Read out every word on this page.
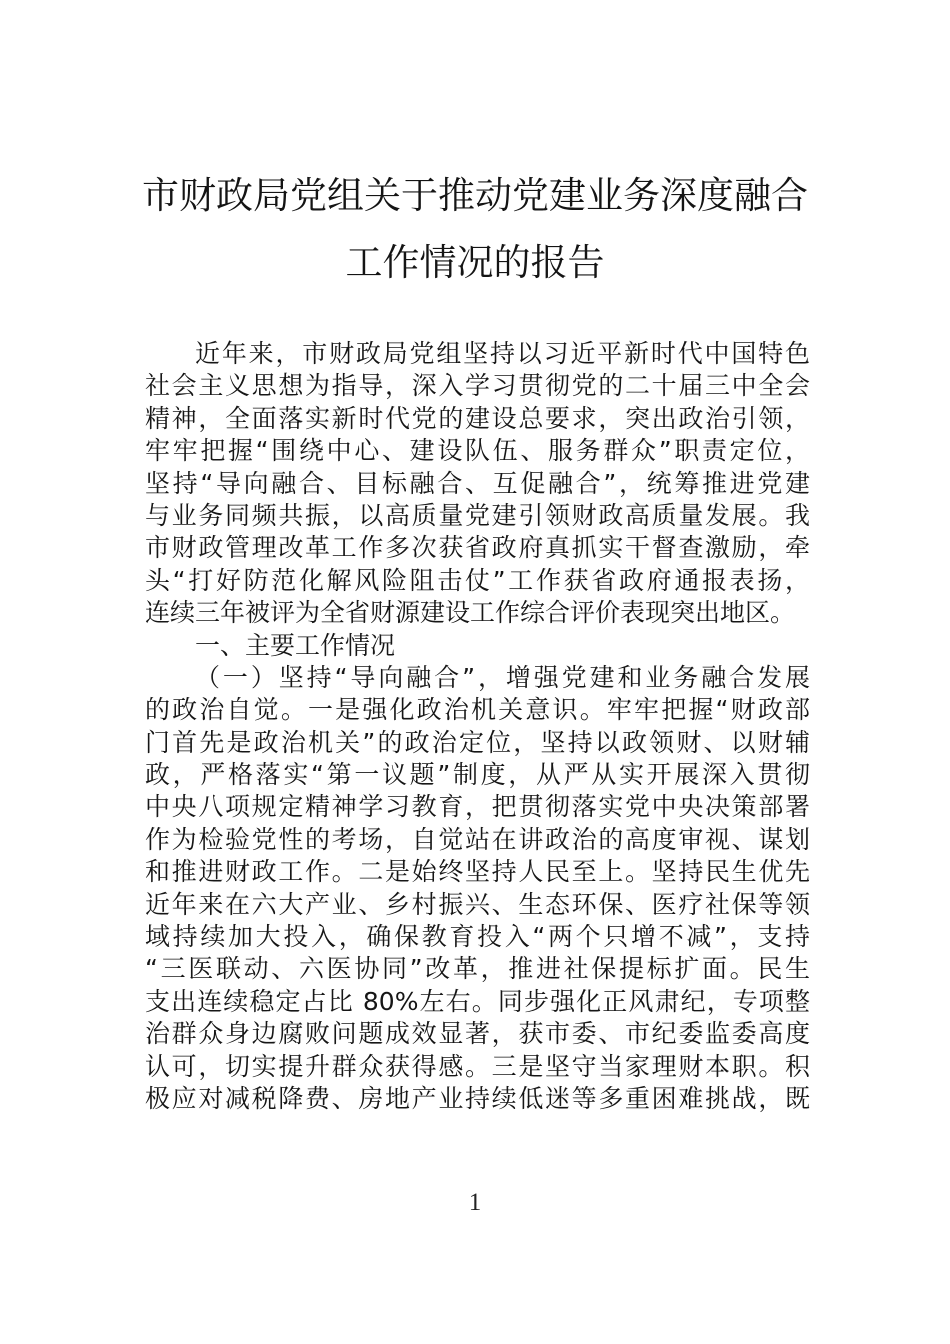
市财政局党组关于推动党建业务深度融合
工作情况的报告
近年来，市财政局党组坚持以习近平新时代中国特色
社会主义思想为指导，深入学习贯彻党的二十届三中全会
精神，全面落实新时代党的建设总要求，突出政治引领，
牢牢把握“围绕中心、建设队伍、服务群众”职责定位，
坚持“导向融合、目标融合、互促融合”，统筹推进党建
与业务同频共振，以高质量党建引领财政高质量发展。我
市财政管理改革工作多次获省政府真抓实干督查激励，牵
头“打好防范化解风险阻击仗”工作获省政府通报表扬，
连续三年被评为全省财源建设工作综合评价表现突出地区。
一、主要工作情况
（一）坚持“导向融合”，增强党建和业务融合发展
的政治自觉。一是强化政治机关意识。牢牢把握“财政部
门首先是政治机关”的政治定位，坚持以政领财、以财辅
政，严格落实“第一议题”制度，从严从实开展深入贯彻
中央八项规定精神学习教育，把贯彻落实党中央决策部署
作为检验党性的考场，自觉站在讲政治的高度审视、谋划
和推进财政工作。二是始终坚持人民至上。坚持民生优先
近年来在六大产业、乡村振兴、生态环保、医疗社保等领
域持续加大投入，确保教育投入“两个只增不减”，支持
“三医联动、六医协同”改革，推进社保提标扩面。民生
支出连续稳定占比 80%左右。同步强化正风肃纪，专项整
治群众身边腐败问题成效显著，获市委、市纪委监委高度
认可，切实提升群众获得感。三是坚守当家理财本职。积
极应对减税降费、房地产业持续低迷等多重困难挑战，既
1
